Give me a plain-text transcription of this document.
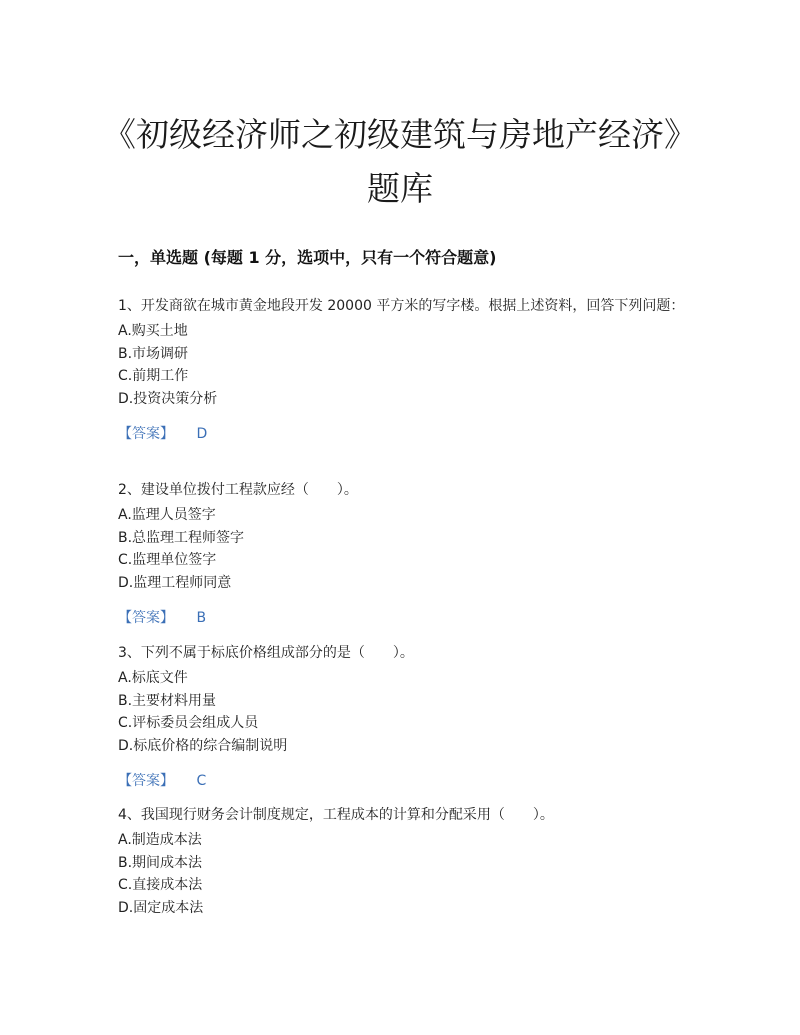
《初级经济师之初级建筑与房地产经济》题库
一，单选题 (每题 1 分，选项中，只有一个符合题意)
1、开发商欲在城市黄金地段开发 20000 平方米的写字楼。根据上述资料，回答下列问题：
A.购买土地
B.市场调研
C.前期工作
D.投资决策分析
【答案】 D
2、建设单位拨付工程款应经（　　）。
A.监理人员签字
B.总监理工程师签字
C.监理单位签字
D.监理工程师同意
【答案】 B
3、下列不属于标底价格组成部分的是（　　）。
A.标底文件
B.主要材料用量
C.评标委员会组成人员
D.标底价格的综合编制说明
【答案】 C
4、我国现行财务会计制度规定，工程成本的计算和分配采用（　　）。
A.制造成本法
B.期间成本法
C.直接成本法
D.固定成本法
